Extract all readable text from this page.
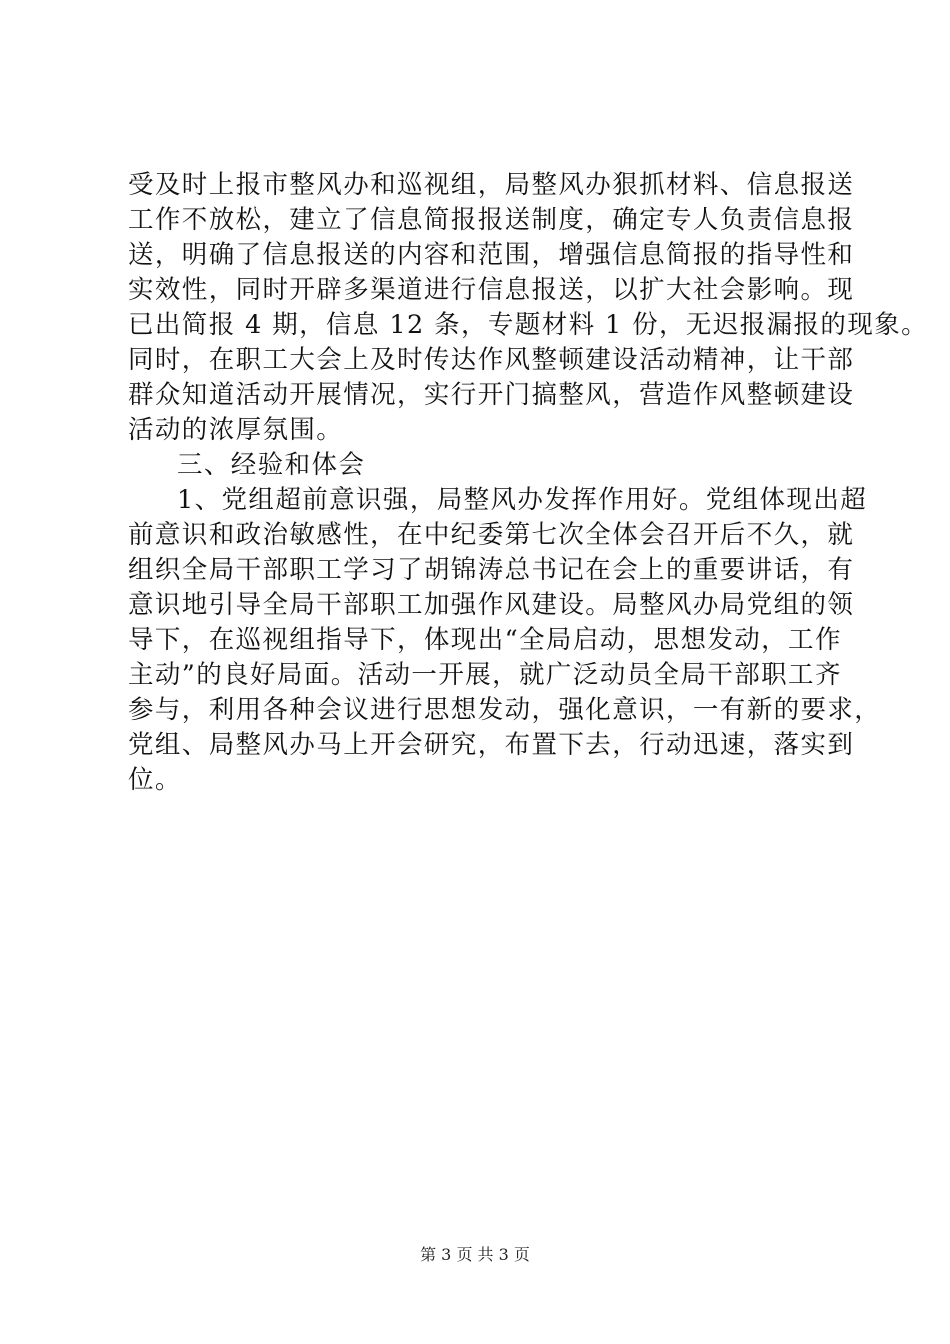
受及时上报市整风办和巡视组，局整风办狠抓材料、信息报送
工作不放松，建立了信息简报报送制度，确定专人负责信息报
送，明确了信息报送的内容和范围，增强信息简报的指导性和
实效性，同时开辟多渠道进行信息报送，以扩大社会影响。现
已出简报 4 期，信息 12 条，专题材料 1 份，无迟报漏报的现象。
同时，在职工大会上及时传达作风整顿建设活动精神，让干部
群众知道活动开展情况，实行开门搞整风，营造作风整顿建设
活动的浓厚氛围。
三、经验和体会
1、党组超前意识强，局整风办发挥作用好。党组体现出超
前意识和政治敏感性，在中纪委第七次全体会召开后不久，就
组织全局干部职工学习了胡锦涛总书记在会上的重要讲话，有
意识地引导全局干部职工加强作风建设。局整风办局党组的领
导下，在巡视组指导下，体现出“全局启动，思想发动，工作
主动”的良好局面。活动一开展，就广泛动员全局干部职工齐
参与，利用各种会议进行思想发动，强化意识，一有新的要求，
党组、局整风办马上开会研究，布置下去，行动迅速，落实到
位。
第 3 页 共 3 页
